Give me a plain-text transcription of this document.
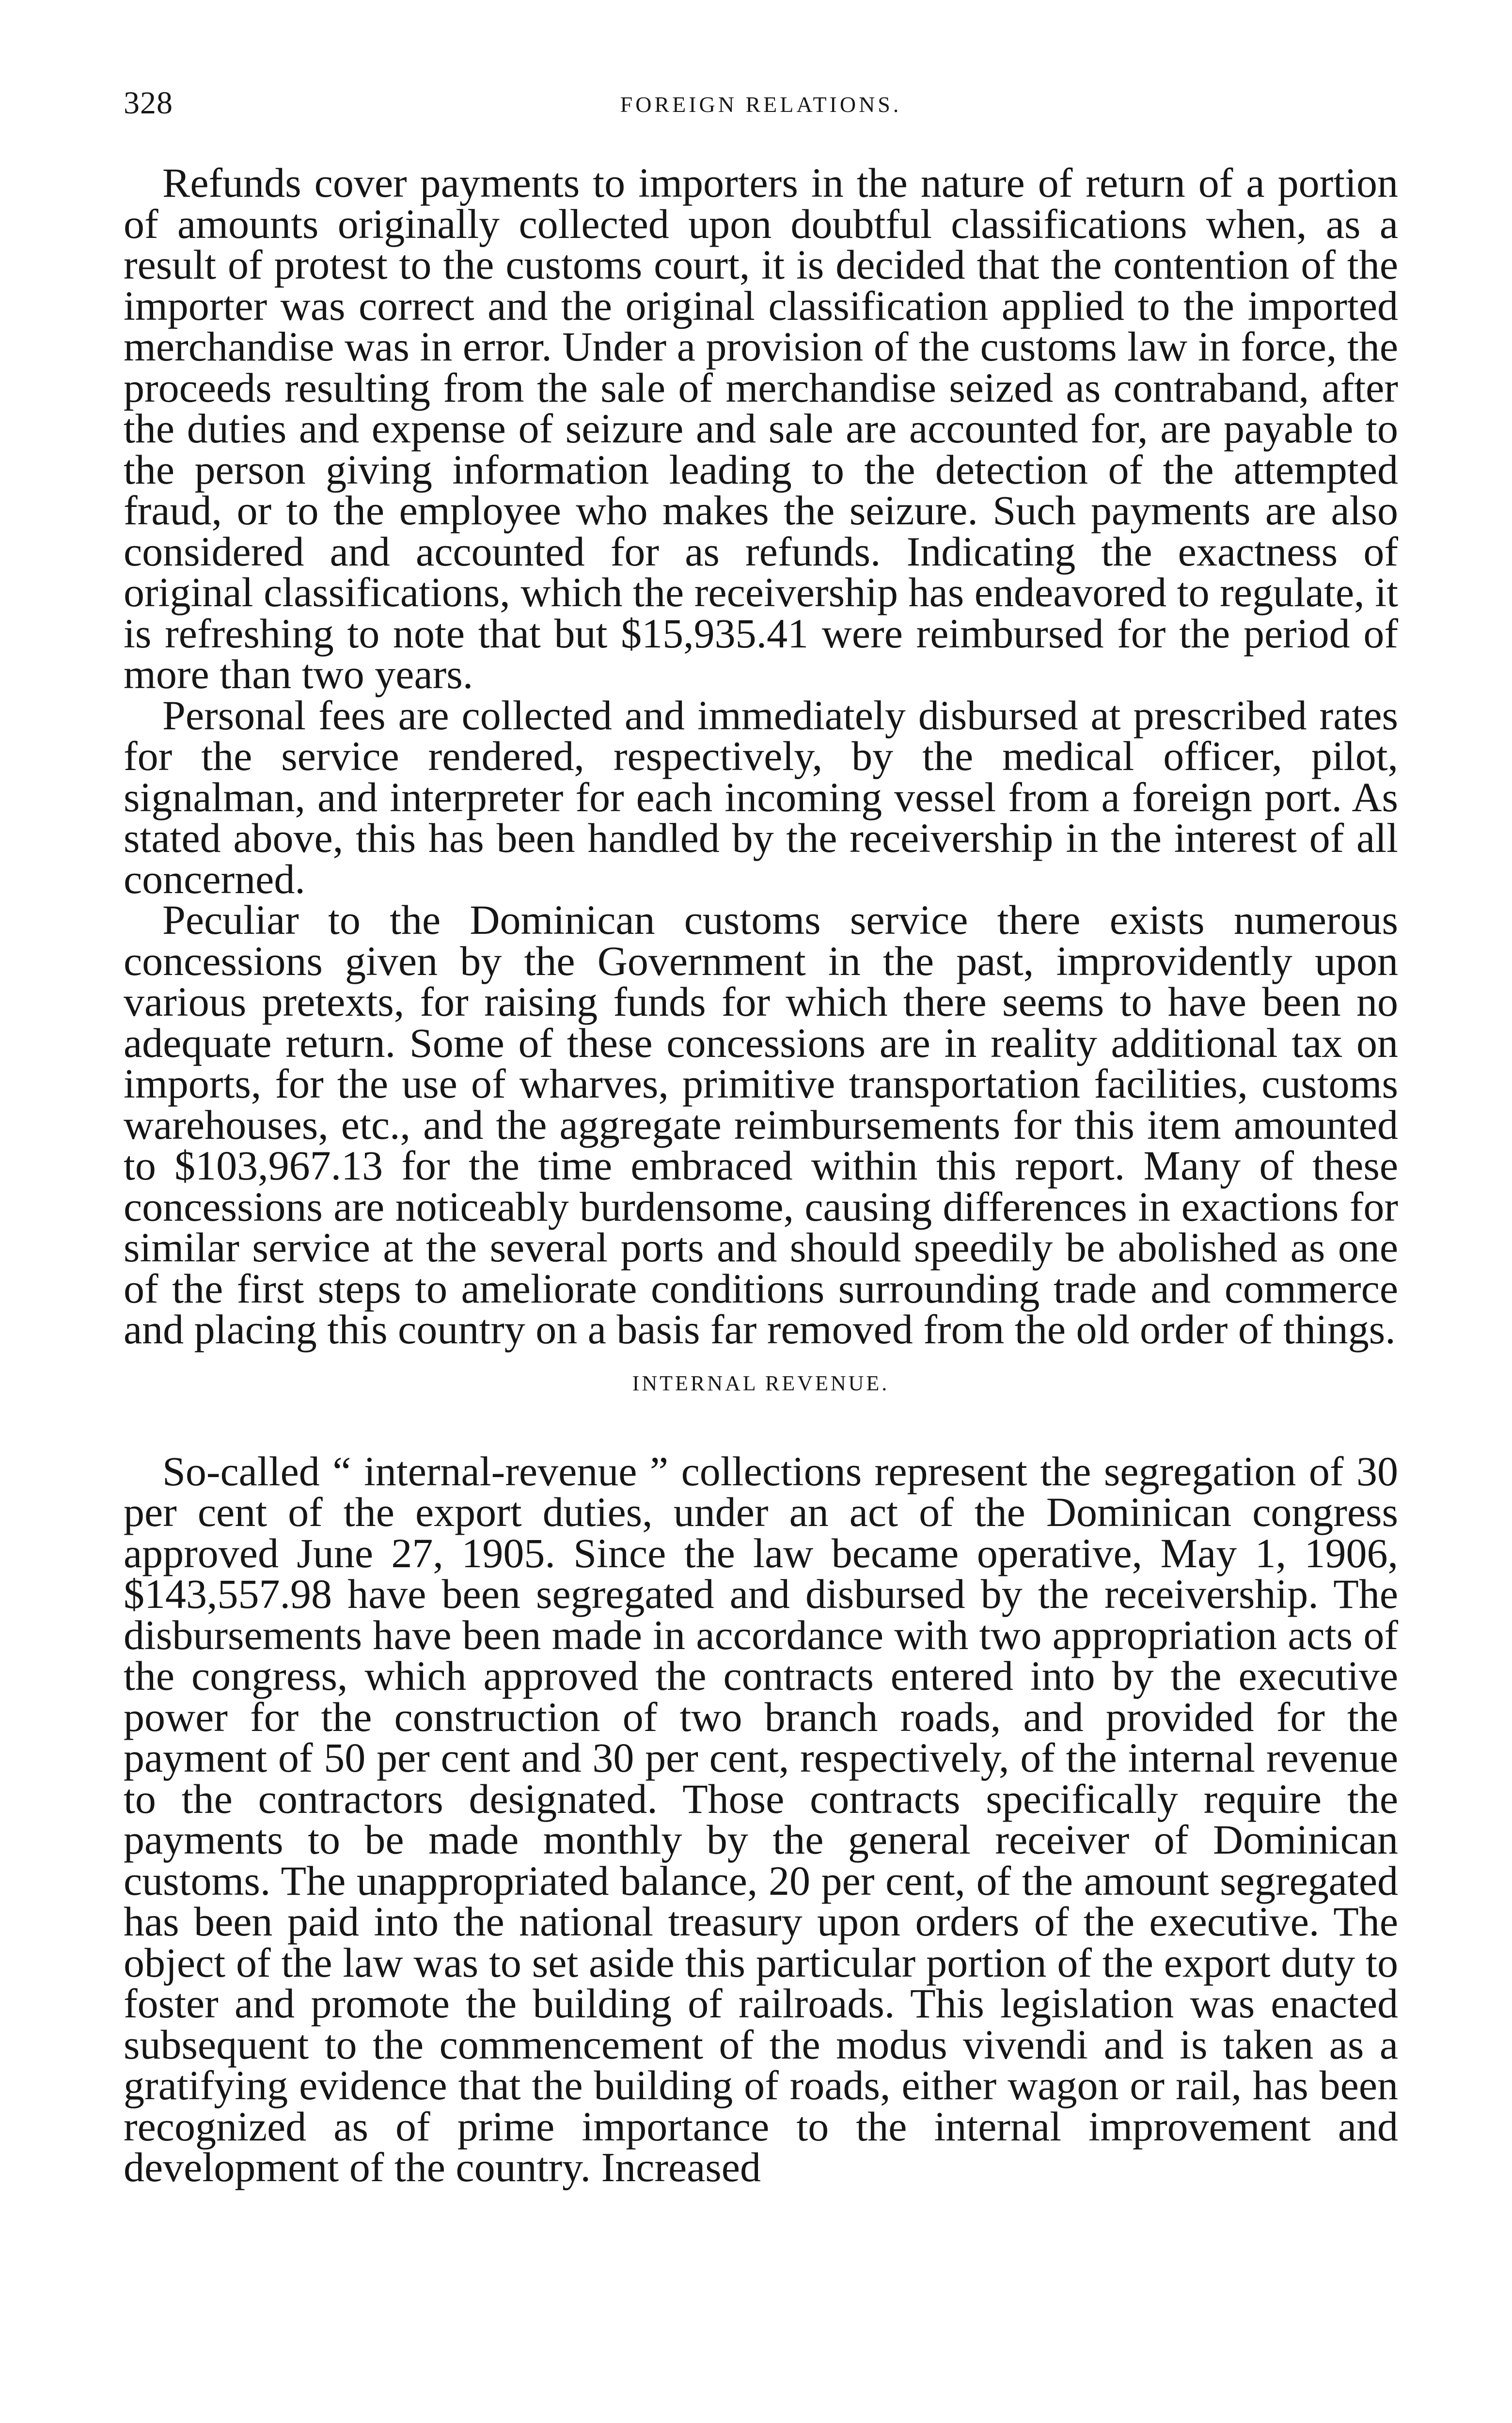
328	FOREIGN RELATIONS.

Refunds cover payments to importers in the nature of return of a portion of amounts originally collected upon doubtful classifications when, as a result of protest to the customs court, it is decided that the contention of the importer was correct and the original classification applied to the imported merchandise was in error. Under a provision of the customs law in force, the proceeds resulting from the sale of merchandise seized as contraband, after the duties and expense of seizure and sale are accounted for, are payable to the person giving information leading to the detection of the attempted fraud, or to the employee who makes the seizure. Such payments are also considered and accounted for as refunds. Indicating the exactness of original classifications, which the receivership has endeavored to regulate, it is refreshing to note that but $15,935.41 were reimbursed for the period of more than two years.

Personal fees are collected and immediately disbursed at prescribed rates for the service rendered, respectively, by the medical officer, pilot, signalman, and interpreter for each incoming vessel from a foreign port. As stated above, this has been handled by the receivership in the interest of all concerned.

Peculiar to the Dominican customs service there exists numerous concessions given by the Government in the past, improvidently upon various pretexts, for raising funds for which there seems to have been no adequate return. Some of these concessions are in reality additional tax on imports, for the use of wharves, primitive transportation facilities, customs warehouses, etc., and the aggregate reimbursements for this item amounted to $103,967.13 for the time embraced within this report. Many of these concessions are noticeably burdensome, causing differences in exactions for similar service at the several ports and should speedily be abolished as one of the first steps to ameliorate conditions surrounding trade and commerce and placing this country on a basis far removed from the old order of things.

INTERNAL REVENUE.

So-called “ internal-revenue ” collections represent the segregation of 30 per cent of the export duties, under an act of the Dominican congress approved June 27, 1905. Since the law became operative, May 1, 1906, $143,557.98 have been segregated and disbursed by the receivership. The disbursements have been made in accordance with two appropriation acts of the congress, which approved the contracts entered into by the executive power for the construction of two branch roads, and provided for the payment of 50 per cent and 30 per cent, respectively, of the internal revenue to the contractors designated. Those contracts specifically require the payments to be made monthly by the general receiver of Dominican customs. The unappropriated balance, 20 per cent, of the amount segregated has been paid into the national treasury upon orders of the executive. The object of the law was to set aside this particular portion of the export duty to foster and promote the building of railroads. This legislation was enacted subsequent to the commencement of the modus vivendi and is taken as a gratifying evidence that the building of roads, either wagon or rail, has been recognized as of prime importance to the internal improvement and development of the country. Increased
